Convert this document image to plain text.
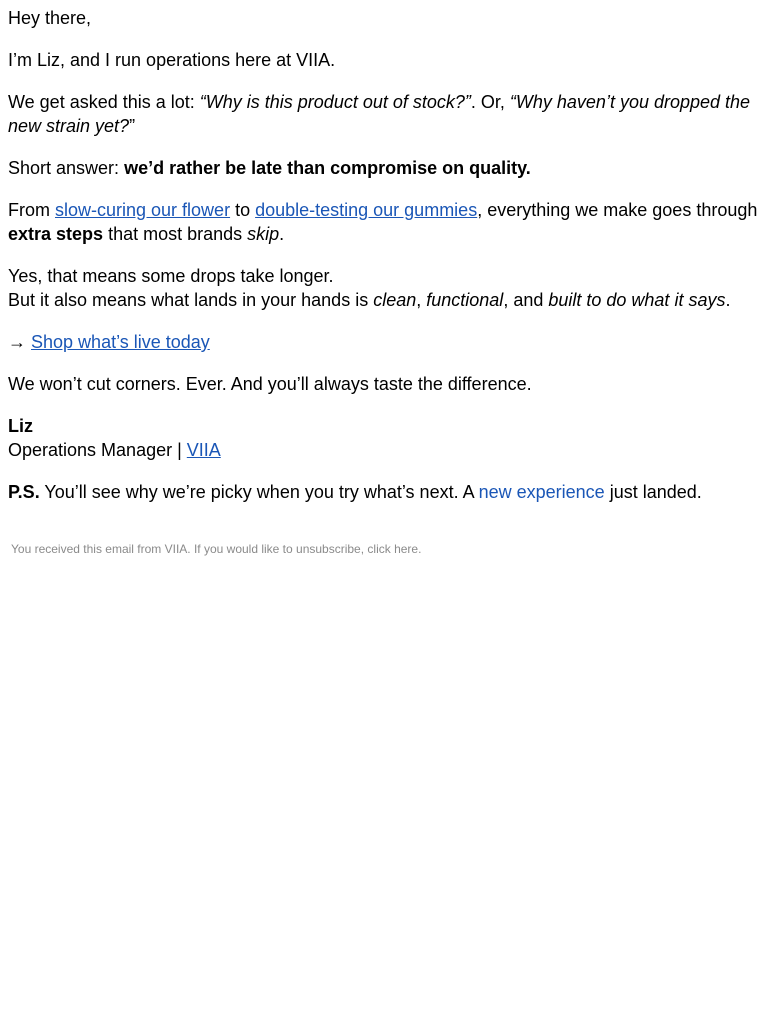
Hey there,

I’m Liz, and I run operations here at VIIA.

We get asked this a lot: “Why is this product out of stock?”. Or, “Why haven’t you dropped the new strain yet?”

Short answer: we’d rather be late than compromise on quality.

From slow-curing our flower to double-testing our gummies, everything we make goes through extra steps that most brands skip.

Yes, that means some drops take longer.
But it also means what lands in your hands is clean, functional, and built to do what it says.

→ Shop what’s live today

We won’t cut corners. Ever. And you’ll always taste the difference.

Liz
Operations Manager | VIIA

P.S. You’ll see why we’re picky when you try what’s next. A new experience just landed.

You received this email from VIIA. If you would like to unsubscribe, click here.
